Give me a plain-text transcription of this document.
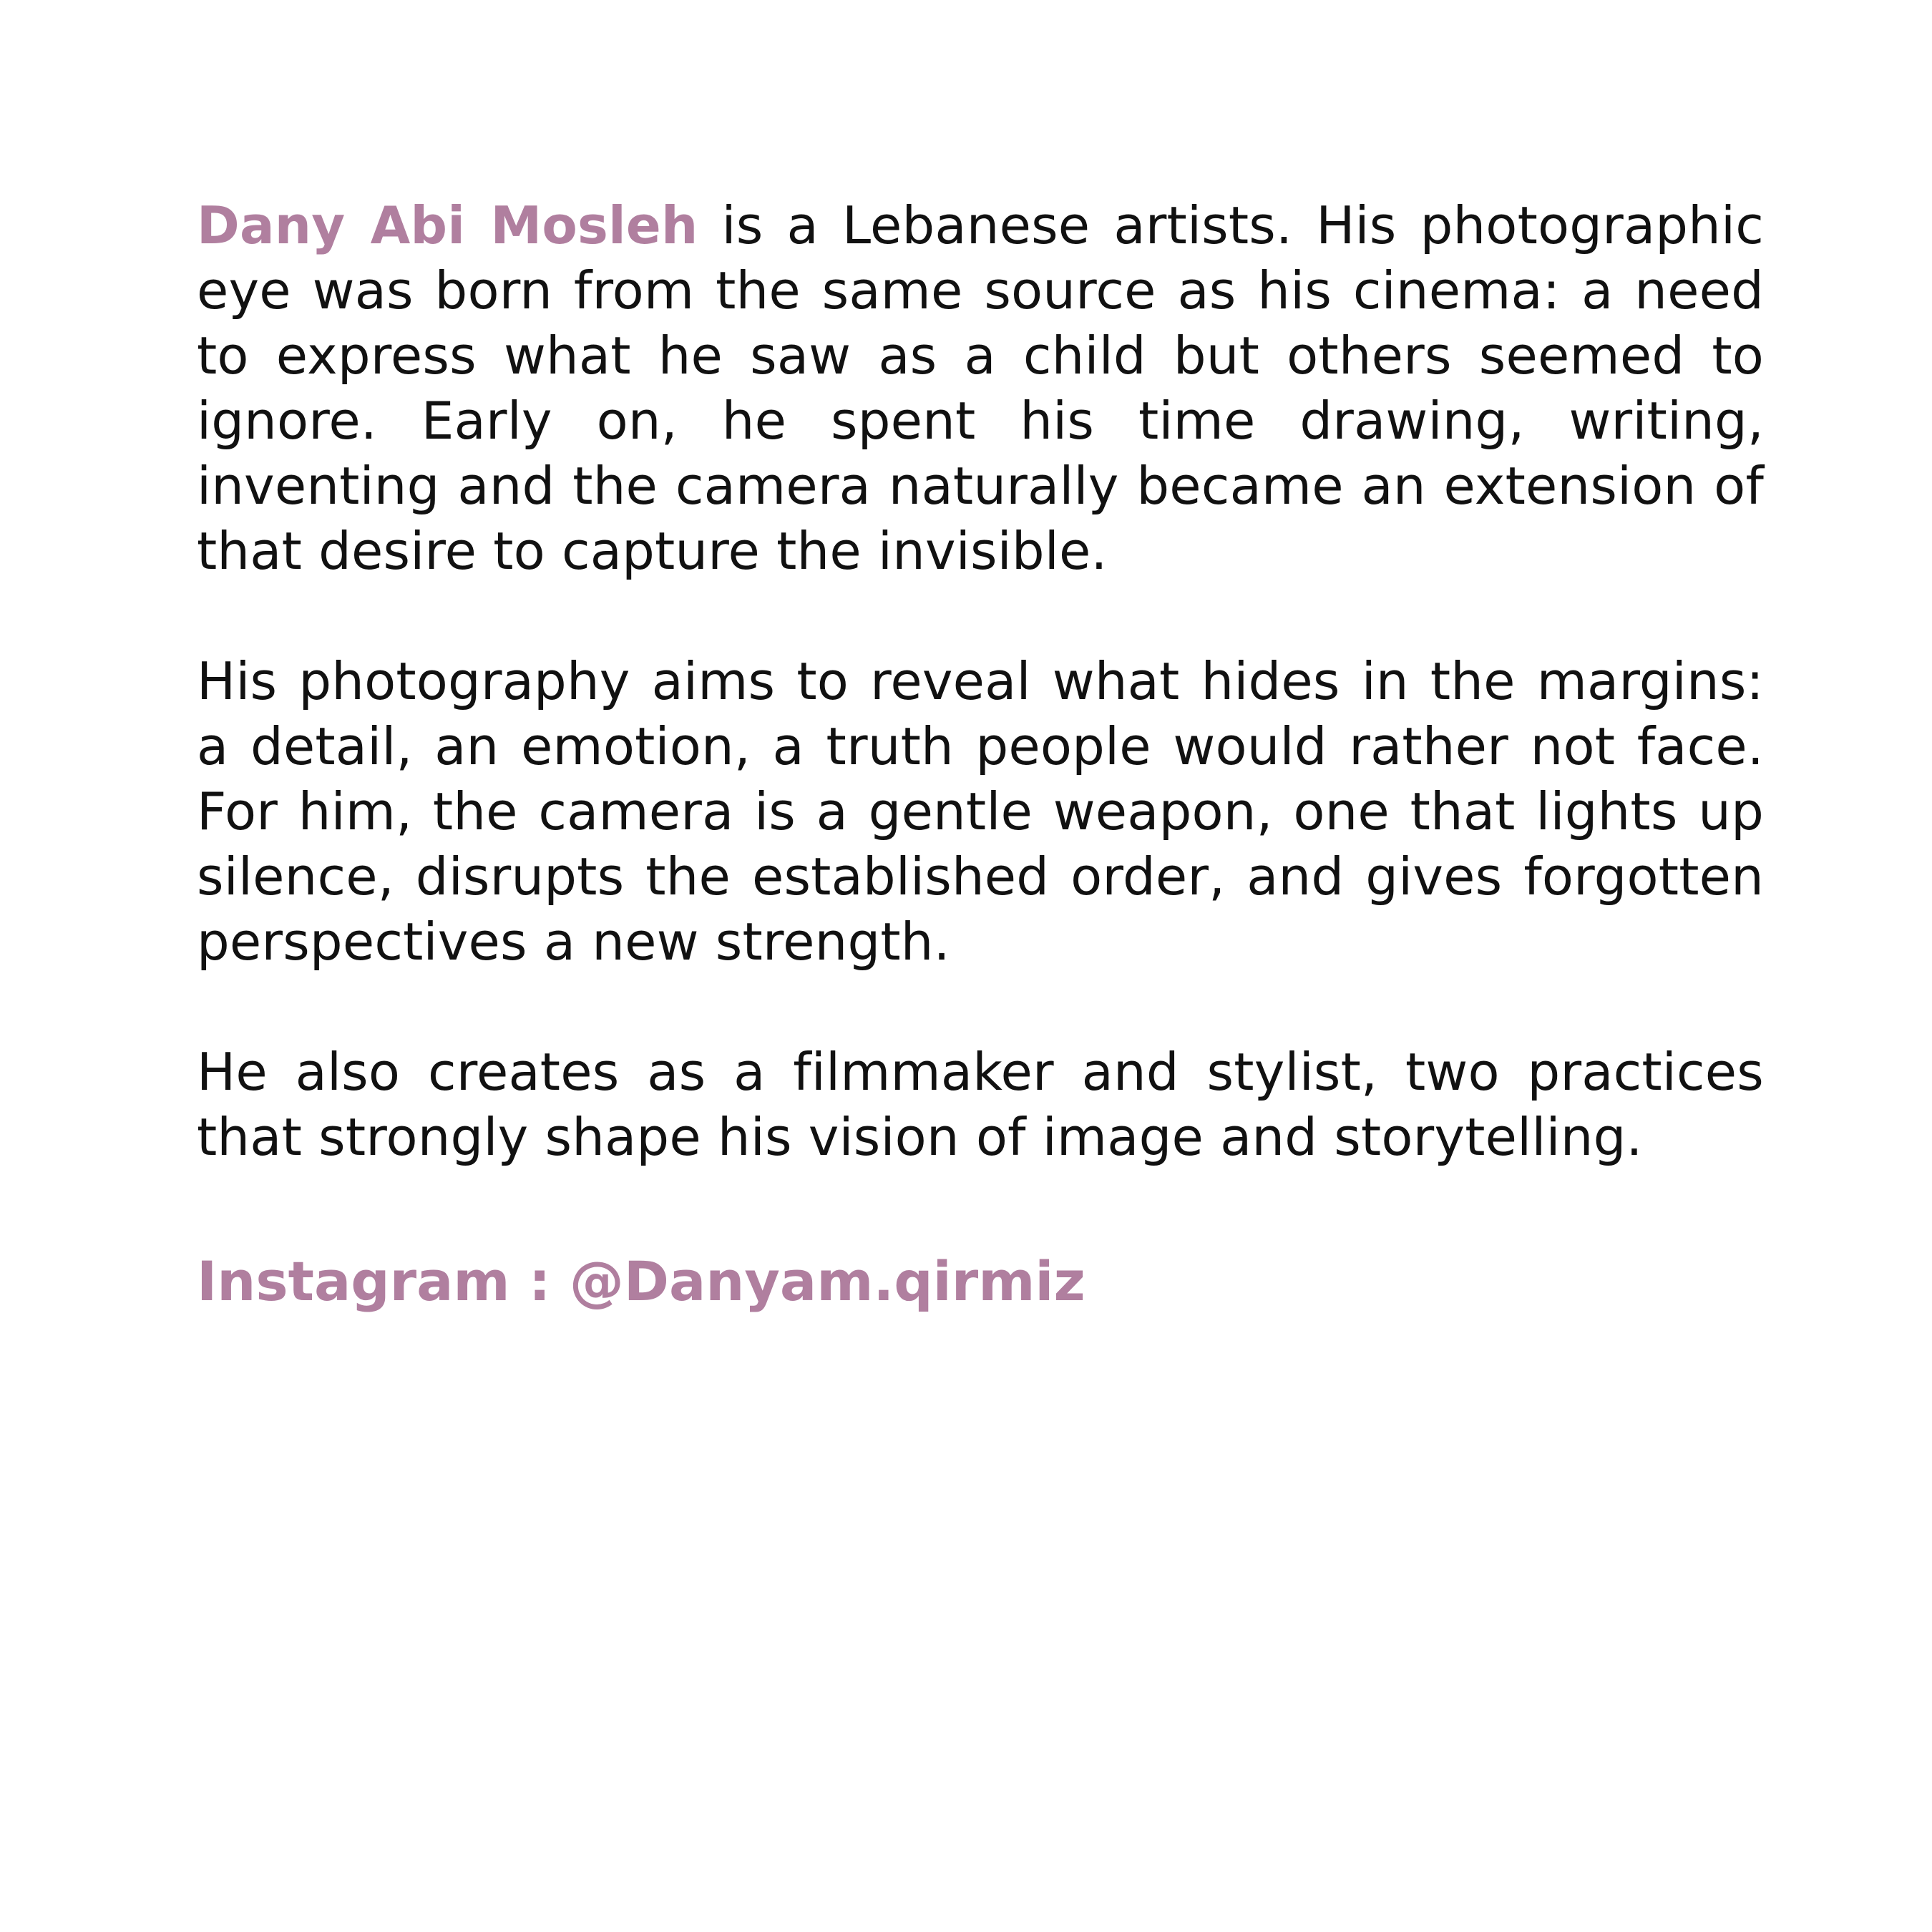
Dany Abi Mosleh is a Lebanese artists. His photographic eye was born from the same source as his cinema: a need to express what he saw as a child but others seemed to ignore. Early on, he spent his time drawing, writing, inventing and the camera naturally became an extension of that desire to capture the invisible.

His photography aims to reveal what hides in the margins: a detail, an emotion, a truth people would rather not face. For him, the camera is a gentle weapon, one that lights up silence, disrupts the established order, and gives forgotten perspectives a new strength.

He also creates as a filmmaker and stylist, two practices that strongly shape his vision of image and storytelling.

Instagram : @Danyam.qirmiz
